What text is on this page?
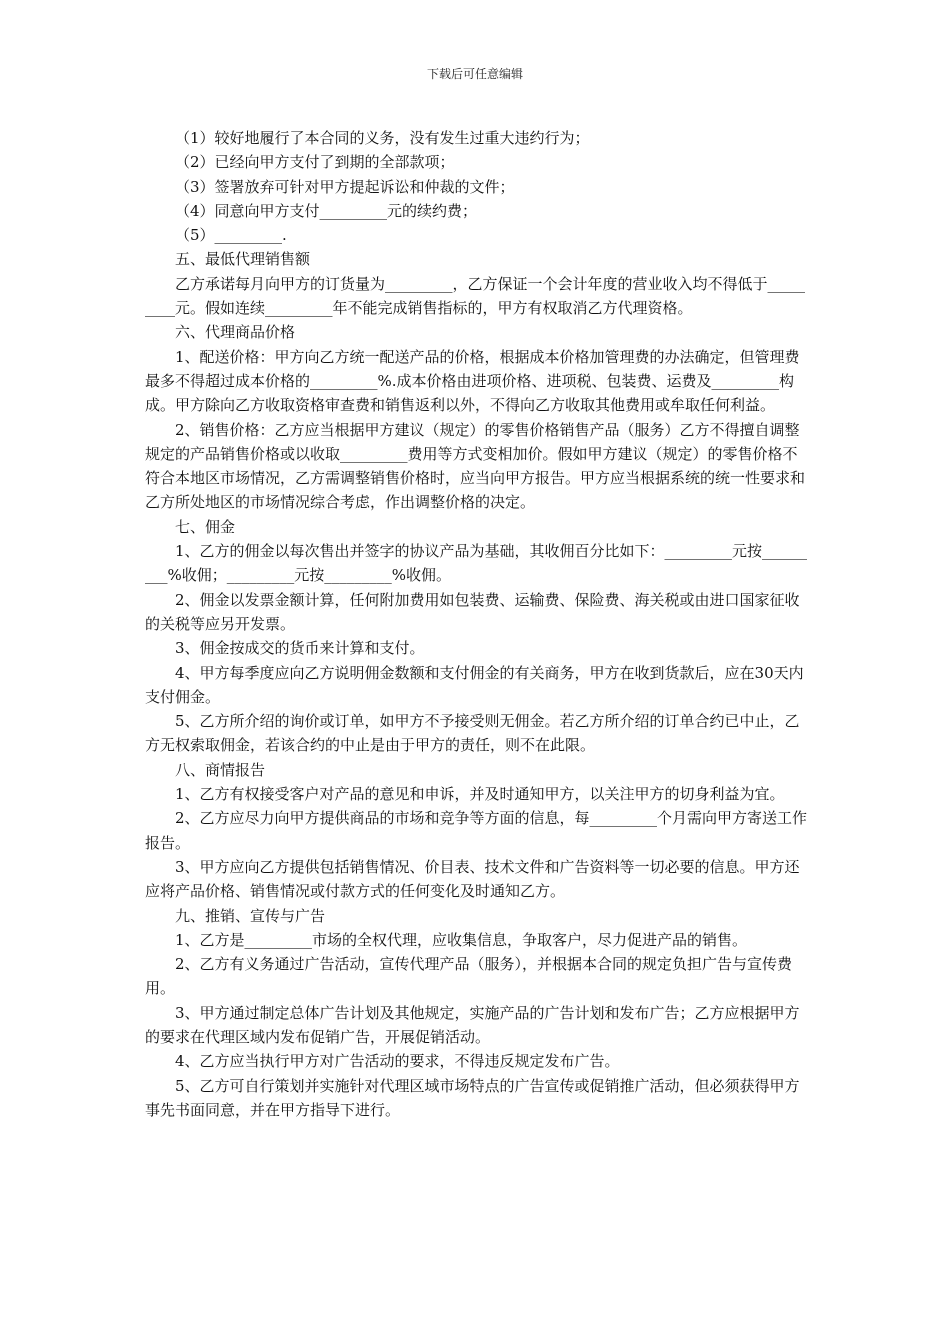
下载后可任意编辑

（1）较好地履行了本合同的义务，没有发生过重大违约行为；

（2）已经向甲方支付了到期的全部款项；

（3）签署放弃可针对甲方提起诉讼和仲裁的文件；

（4）同意向甲方支付_________元的续约费；

（5）_________.

五、最低代理销售额

乙方承诺每月向甲方的订货量为_________，乙方保证一个会计年度的营业收入均不得低于_________元。假如连续_________年不能完成销售指标的，甲方有权取消乙方代理资格。

六、代理商品价格

1、配送价格：甲方向乙方统一配送产品的价格，根据成本价格加管理费的办法确定，但管理费最多不得超过成本价格的_________%.成本价格由进项价格、进项税、包装费、运费及_________构成。甲方除向乙方收取资格审查费和销售返利以外，不得向乙方收取其他费用或牟取任何利益。

2、销售价格：乙方应当根据甲方建议（规定）的零售价格销售产品（服务）乙方不得擅自调整规定的产品销售价格或以收取_________费用等方式变相加价。假如甲方建议（规定）的零售价格不符合本地区市场情况，乙方需调整销售价格时，应当向甲方报告。甲方应当根据系统的统一性要求和乙方所处地区的市场情况综合考虑，作出调整价格的决定。

七、佣金

1、乙方的佣金以每次售出并签字的协议产品为基础，其收佣百分比如下：_________元按_________%收佣；_________元按_________%收佣。

2、佣金以发票金额计算，任何附加费用如包装费、运输费、保险费、海关税或由进口国家征收的关税等应另开发票。

3、佣金按成交的货币来计算和支付。

4、甲方每季度应向乙方说明佣金数额和支付佣金的有关商务，甲方在收到货款后，应在30天内支付佣金。

5、乙方所介绍的询价或订单，如甲方不予接受则无佣金。若乙方所介绍的订单合约已中止，乙方无权索取佣金，若该合约的中止是由于甲方的责任，则不在此限。

八、商情报告

1、乙方有权接受客户对产品的意见和申诉，并及时通知甲方，以关注甲方的切身利益为宜。

2、乙方应尽力向甲方提供商品的市场和竞争等方面的信息，每_________个月需向甲方寄送工作报告。

3、甲方应向乙方提供包括销售情况、价目表、技术文件和广告资料等一切必要的信息。甲方还应将产品价格、销售情况或付款方式的任何变化及时通知乙方。

九、推销、宣传与广告

1、乙方是_________市场的全权代理，应收集信息，争取客户，尽力促进产品的销售。

2、乙方有义务通过广告活动，宣传代理产品（服务），并根据本合同的规定负担广告与宣传费用。

3、甲方通过制定总体广告计划及其他规定，实施产品的广告计划和发布广告；乙方应根据甲方的要求在代理区域内发布促销广告，开展促销活动。

4、乙方应当执行甲方对广告活动的要求，不得违反规定发布广告。

5、乙方可自行策划并实施针对代理区域市场特点的广告宣传或促销推广活动，但必须获得甲方事先书面同意，并在甲方指导下进行。
